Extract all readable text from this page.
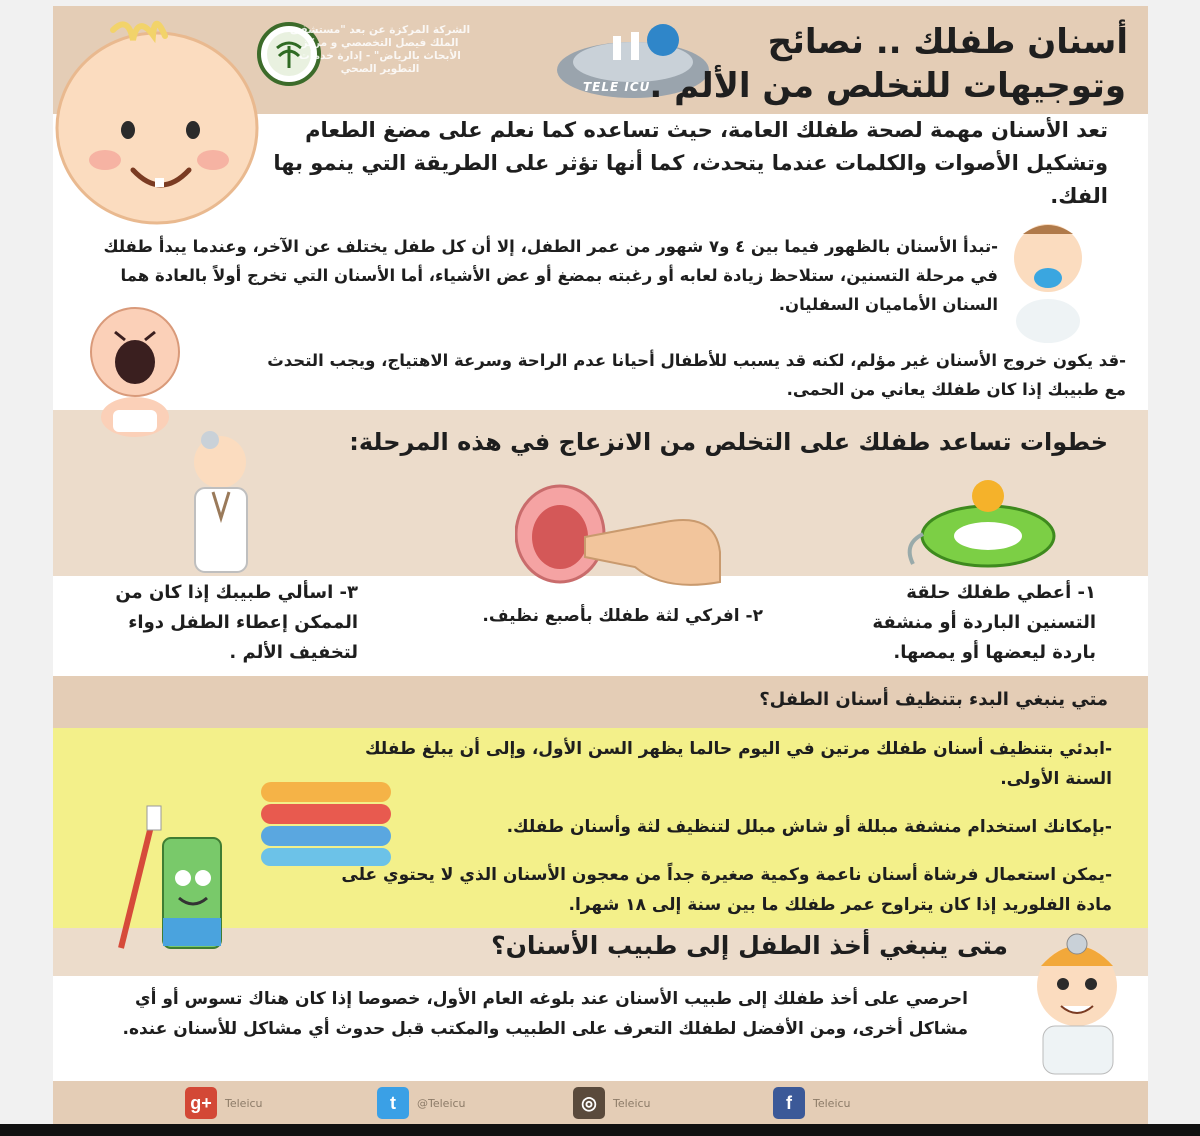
الشركة المركزة عن بعد "مستشفى الملك فيصل التخصصي و مركز الأبحاث بالرياض" - إدارة خدمات التطوير الصحي
TELE ICU
أسنان طفلك .. نصائح
وتوجيهات للتخلص من الألم .

تعد الأسنان مهمة لصحة طفلك العامة، حيث تساعده كما نعلم على مضغ الطعام وتشكيل الأصوات والكلمات عندما يتحدث، كما أنها تؤثر على الطريقة التي ينمو بها الفك.

-تبدأ الأسنان بالظهور فيما بين ٤ و٧ شهور من عمر الطفل، إلا أن كل طفل يختلف عن الآخر، وعندما يبدأ طفلك في مرحلة التسنين، ستلاحظ زيادة لعابه أو رغبته بمضغ أو عض الأشياء، أما الأسنان التي تخرج أولاً بالعادة هما السنان الأماميان السفليان.

-قد يكون خروج الأسنان غير مؤلم، لكنه قد يسبب للأطفال أحيانا عدم الراحة وسرعة الاهتياج، ويجب التحدث مع طبيبك إذا كان طفلك يعاني من الحمى.

خطوات تساعد طفلك على التخلص من الانزعاج في هذه المرحلة:

١- أعطي طفلك حلقة التسنين الباردة أو منشفة باردة ليعضها أو يمصها.

٢- افركي لثة طفلك بأصبع نظيف.

٣- اسألي طبيبك إذا كان من الممكن إعطاء الطفل دواء لتخفيف الألم .

متي ينبغي البدء بتنظيف أسنان الطفل؟

-ابدئي بتنظيف أسنان طفلك مرتين في اليوم حالما يظهر السن الأول، وإلى أن يبلغ طفلك السنة الأولى.

-بإمكانك استخدام منشفة مبللة أو شاش مبلل لتنظيف لثة وأسنان طفلك.

-يمكن استعمال فرشاة أسنان ناعمة وكمية صغيرة جداً من معجون الأسنان الذي لا يحتوي على مادة الفلوريد إذا كان يتراوح عمر طفلك ما بين سنة إلى ١٨ شهرا.

متى ينبغي أخذ الطفل إلى طبيب الأسنان؟

احرصي على أخذ طفلك إلى طبيب الأسنان عند بلوغه العام الأول، خصوصا إذا كان هناك تسوس أو أي مشاكل أخرى، ومن الأفضل لطفلك التعرف على الطبيب والمكتب قبل حدوث أي مشاكل للأسنان عنده.

g+	Teleicu	t	@Teleicu	◎	Teleicu	f	Teleicu
